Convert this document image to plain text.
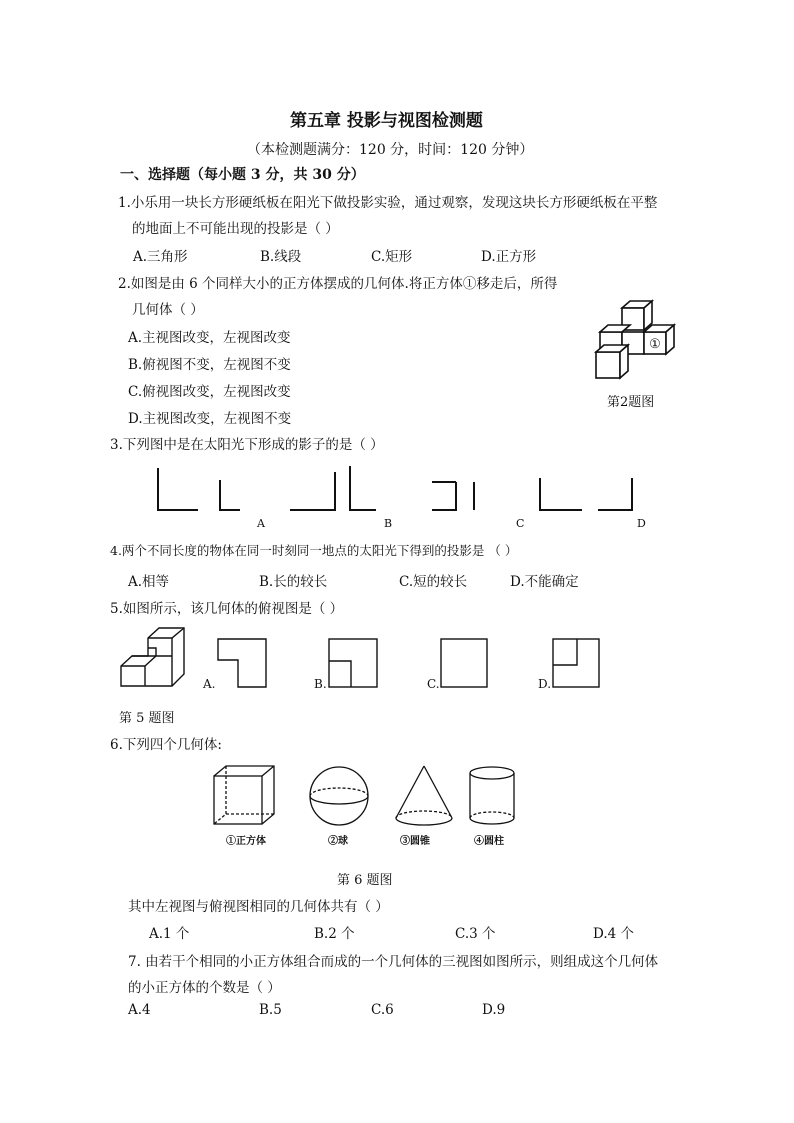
第五章 投影与视图检测题
（本检测题满分：120 分，时间：120 分钟）
一、选择题（每小题 3 分，共 30 分）
1.小乐用一块长方形硬纸板在阳光下做投影实验，通过观察，发现这块长方形硬纸板在平整
的地面上不可能出现的投影是（ ）
A.三角形	B.线段	C.矩形	D.正方形
2.如图是由 6 个同样大小的正方体摆成的几何体.将正方体①移走后，所得
几何体（ ）
A.主视图改变，左视图改变
B.俯视图不变，左视图不变
C.俯视图改变，左视图改变
D.主视图改变，左视图不变
①
第2题图
3.下列图中是在太阳光下形成的影子的是（ ）
A	B	C	D
4.两个不同长度的物体在同一时刻同一地点的太阳光下得到的投影是 （ ）
A.相等	B.长的较长	C.短的较长	D.不能确定
5.如图所示，该几何体的俯视图是（ ）
A.	B.	C.	D.
第 5 题图
6.下列四个几何体:
①正方体	②球	③圆锥	④圆柱
第 6 题图
其中左视图与俯视图相同的几何体共有（ ）
A.1 个	B.2 个	C.3 个	D.4 个
7. 由若干个相同的小正方体组合而成的一个几何体的三视图如图所示，则组成这个几何体
的小正方体的个数是（ ）
A.4	B.5	C.6	D.9
